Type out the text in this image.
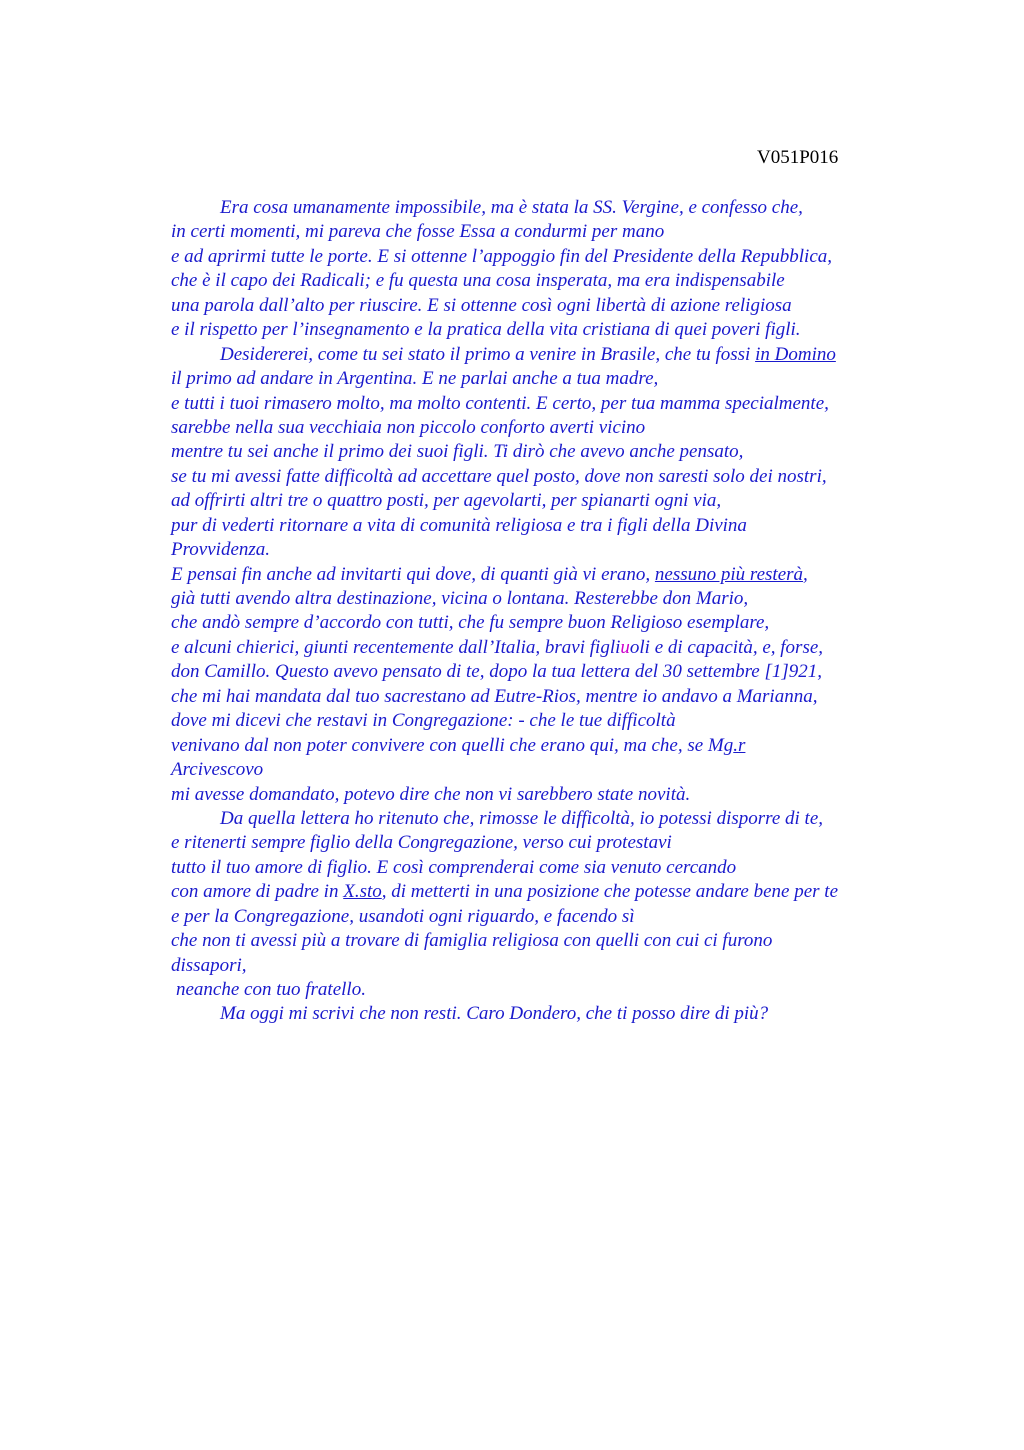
V051P016
Era cosa umanamente impossibile, ma è stata la SS. Vergine, e confesso che,
in certi momenti, mi pareva che fosse Essa a condurmi per mano
e ad aprirmi tutte le porte. E si ottenne l’appoggio fin del Presidente della Repubblica,
che è il capo dei Radicali; e fu questa una cosa insperata, ma era indispensabile
una parola dall’alto per riuscire. E si ottenne così ogni libertà di azione religiosa
e il rispetto per l’insegnamento e la pratica della vita cristiana di quei poveri figli.
Desidererei, come tu sei stato il primo a venire in Brasile, che tu fossi in Domino
il primo ad andare in Argentina. E ne parlai anche a tua madre,
e tutti i tuoi rimasero molto, ma molto contenti. E certo, per tua mamma specialmente,
sarebbe nella sua vecchiaia non piccolo conforto averti vicino
mentre tu sei anche il primo dei suoi figli. Ti dirò che avevo anche pensato,
se tu mi avessi fatte difficoltà ad accettare quel posto, dove non saresti solo dei nostri,
ad offrirti altri tre o quattro posti, per agevolarti, per spianarti ogni via,
pur di vederti ritornare a vita di comunità religiosa e tra i figli della Divina
Provvidenza.
E pensai fin anche ad invitarti qui dove, di quanti già vi erano, nessuno più resterà,
già tutti avendo altra destinazione, vicina o lontana. Resterebbe don Mario,
che andò sempre d’accordo con tutti, che fu sempre buon Religioso esemplare,
e alcuni chierici, giunti recentemente dall’Italia, bravi figliuoli e di capacità, e, forse,
don Camillo. Questo avevo pensato di te, dopo la tua lettera del 30 settembre [1]921,
che mi hai mandata dal tuo sacrestano ad Eutre-Rios, mentre io andavo a Marianna,
dove mi dicevi che restavi in Congregazione: - che le tue difficoltà
venivano dal non poter convivere con quelli che erano qui, ma che, se Mg.r
Arcivescovo
mi avesse domandato, potevo dire che non vi sarebbero state novità.
Da quella lettera ho ritenuto che, rimosse le difficoltà, io potessi disporre di te,
e ritenerti sempre figlio della Congregazione, verso cui protestavi
tutto il tuo amore di figlio. E così comprenderai come sia venuto cercando
con amore di padre in X.sto, di metterti in una posizione che potesse andare bene per te
e per la Congregazione, usandoti ogni riguardo, e facendo sì
che non ti avessi più a trovare di famiglia religiosa con quelli con cui ci furono
dissapori,
neanche con tuo fratello.
Ma oggi mi scrivi che non resti. Caro Dondero, che ti posso dire di più?
